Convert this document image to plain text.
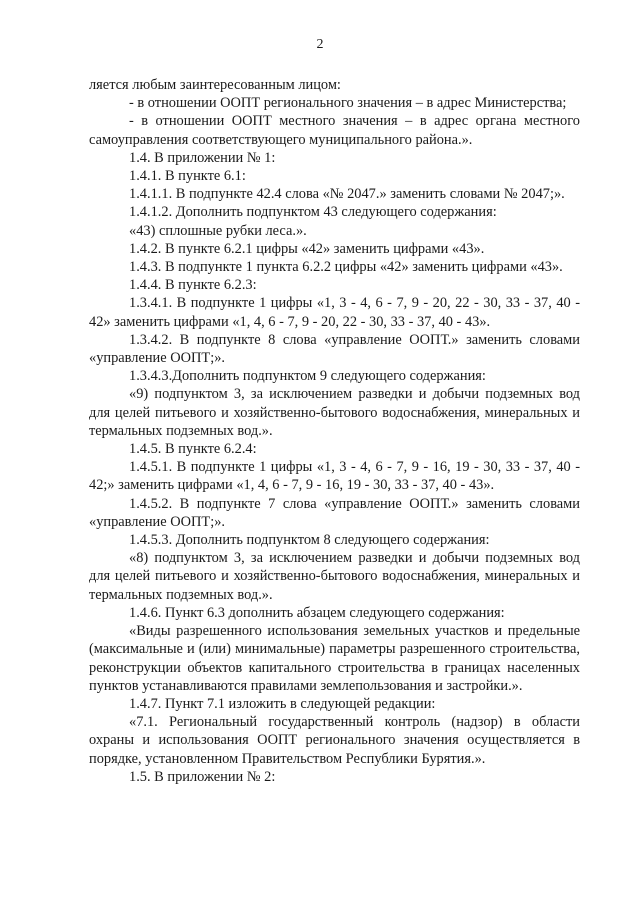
2

ляется любым заинтересованным лицом:

- в отношении ООПТ регионального значения – в адрес Министерства;

- в отношении ООПТ местного значения – в адрес органа местного самоуправления соответствующего муниципального района.».

1.4. В приложении № 1:

1.4.1. В пункте 6.1:

1.4.1.1. В подпункте 42.4 слова «№ 2047.» заменить словами № 2047;».

1.4.1.2. Дополнить подпунктом 43 следующего содержания:

«43) сплошные рубки леса.».

1.4.2. В пункте 6.2.1 цифры «42» заменить цифрами «43».

1.4.3. В подпункте 1 пункта 6.2.2 цифры «42» заменить цифрами «43».

1.4.4. В пункте 6.2.3:

1.3.4.1. В подпункте 1 цифры «1, 3 - 4, 6 - 7, 9 - 20, 22 - 30, 33 - 37, 40 - 42» заменить цифрами «1, 4, 6 - 7, 9 - 20, 22 - 30, 33 - 37, 40 - 43».

1.3.4.2. В подпункте 8 слова «управление ООПТ.» заменить словами «управление ООПТ;».

1.3.4.3.Дополнить подпунктом 9 следующего содержания:

«9) подпунктом 3, за исключением разведки и добычи подземных вод для целей питьевого и хозяйственно-бытового водоснабжения, минеральных и термальных подземных вод.».

1.4.5. В пункте 6.2.4:

1.4.5.1. В подпункте 1 цифры «1, 3 - 4, 6 - 7, 9 - 16, 19 - 30, 33 - 37, 40 - 42;» заменить цифрами «1, 4, 6 - 7, 9 - 16, 19 - 30, 33 - 37, 40 - 43».

1.4.5.2. В подпункте 7 слова «управление ООПТ.» заменить словами «управление ООПТ;».

1.4.5.3. Дополнить подпунктом 8 следующего содержания:

«8) подпунктом 3, за исключением разведки и добычи подземных вод для целей питьевого и хозяйственно-бытового водоснабжения, минеральных и термальных подземных вод.».

1.4.6. Пункт 6.3 дополнить абзацем следующего содержания:

«Виды разрешенного использования земельных участков и предельные (максимальные и (или) минимальные) параметры разрешенного строительства, реконструкции объектов капитального строительства в границах населенных пунктов устанавливаются правилами землепользования и застройки.».

1.4.7. Пункт 7.1 изложить в следующей редакции:

«7.1. Региональный государственный контроль (надзор) в области охраны и использования ООПТ регионального значения осуществляется в порядке, установленном Правительством Республики Бурятия.».

1.5. В приложении № 2:
